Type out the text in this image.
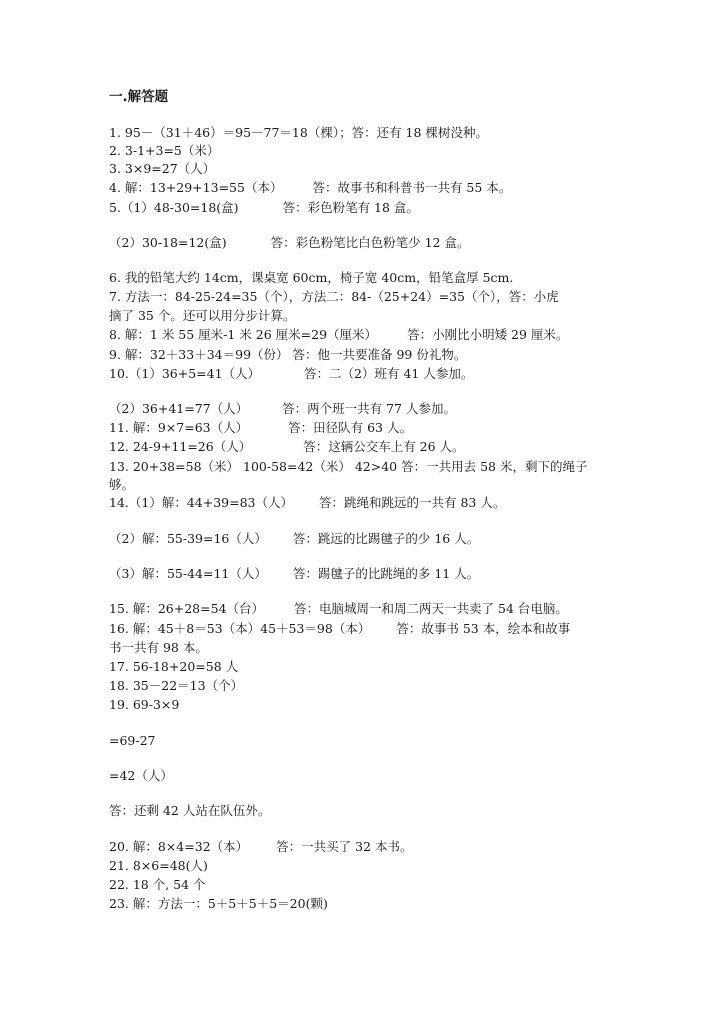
一.解答题
1. 95－（31＋46）＝95－77＝18（棵）；答：还有 18 棵树没种。
2. 3-1+3=5（米）
3. 3×9=27（人）
4. 解：13+29+13=55（本） 答：故事书和科普书一共有 55 本。
5.（1）48-30=18(盒)	答：彩色粉笔有 18 盒。
（2）30-18=12(盒)	答：彩色粉笔比白色粉笔少 12 盒。
6. 我的铅笔大约 14cm，课桌宽 60cm，椅子宽 40cm，铅笔盒厚 5cm.
7. 方法一：84-25-24=35（个），方法二：84-（25+24）=35（个），答：小虎
摘了 35 个。还可以用分步计算。
8. 解：1 米 55 厘米-1 米 26 厘米=29（厘米） 答：小刚比小明矮 29 厘米。
9. 解：32＋33＋34＝99（份） 答：他一共要准备 99 份礼物。
10.（1）36+5=41（人）	答：二（2）班有 41 人参加。
（2）36+41=77（人）	答：两个班一共有 77 人参加。
11. 解：9×7=63（人）	答：田径队有 63 人。
12. 24-9+11=26（人）	答：这辆公交车上有 26 人。
13. 20+38=58（米） 100-58=42（米） 42>40 答：一共用去 58 米，剩下的绳子
够。
14.（1）解：44+39=83（人） 答：跳绳和跳远的一共有 83 人。
（2）解：55-39=16（人） 答：跳远的比踢毽子的少 16 人。
（3）解：55-44=11（人） 答：踢毽子的比跳绳的多 11 人。
15. 解：26+28=54（台） 答：电脑城周一和周二两天一共卖了 54 台电脑。
16. 解：45＋8＝53（本）45＋53＝98（本） 答：故事书 53 本，绘本和故事
书一共有 98 本。
17. 56-18+20=58 人
18. 35－22＝13（个）
19. 69-3×9
=69-27
=42（人）
答：还剩 42 人站在队伍外。
20. 解：8×4=32（本） 答：一共买了 32 本书。
21. 8×6=48(人)
22. 18 个, 54 个
23. 解：方法一：5＋5＋5＋5＝20(颗)
